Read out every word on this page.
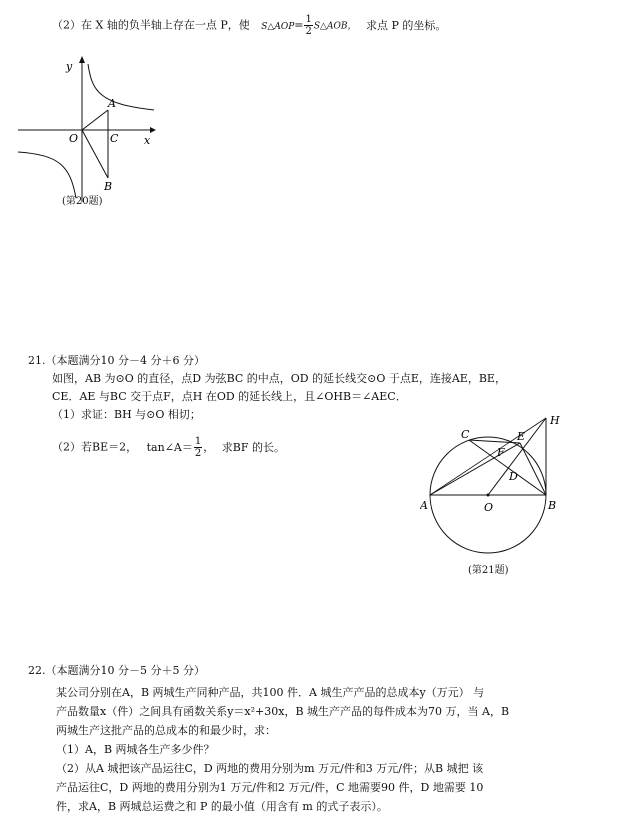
（2）在 X 轴的负半轴上存在一点 P，使 S△AOP= $\frac{1}{2}$ S△AOB， 求点 P 的坐标。
y
A
O	C x
B
(第20题)
21.（本题满分10 分－4 分＋6 分）
如图，AB 为⊙O 的直径，点D 为弦BC 的中点，OD 的延长线交⊙O 于点E，连接AE，BE，
CE．AE 与BC 交于点F，点H 在OD 的延长线上，且∠OHB＝∠AEC．
（1）求证：BH 与⊙O 相切；
（2）若BE＝2， tan∠A＝ $\frac{1}{2}$ ， 求BF 的长。
C	E
H
F
D
A	O	B
(第21题)
22.（本题满分10 分－5 分＋5 分）
某公司分别在A，B 两城生产同种产品，共100 件．A 城生产产品的总成本y（万元） 与
产品数量x（件）之间具有函数关系y＝x²+30x，B 城生产产品的每件成本为70 万，当 A，B
两城生产这批产品的总成本的和最少时，求：
（1）A，B 两城各生产多少件？
（2）从A 城把该产品运往C，D 两地的费用分别为m 万元/件和3 万元/件；从B 城把 该
产品运往C，D 两地的费用分别为1 万元/件和2 万元/件，C 地需要90 件，D 地需要 10
件，求A，B 两城总运费之和 P 的最小值（用含有 m 的式子表示）。
